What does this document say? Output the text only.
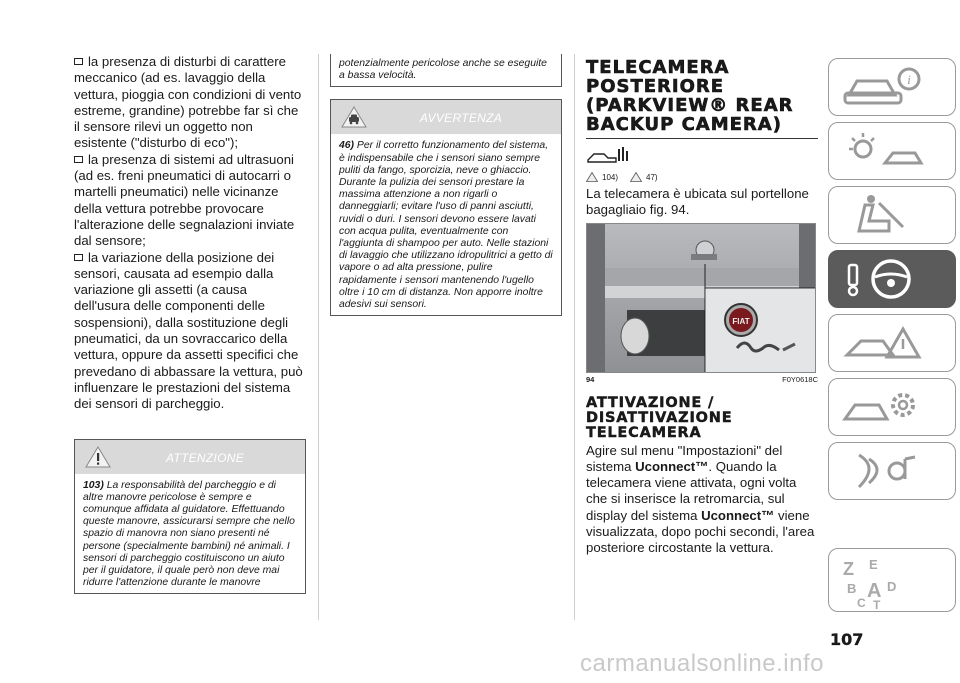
la presenza di disturbi di carattere meccanico (ad es. lavaggio della vettura, pioggia con condizioni di vento estreme, grandine) potrebbe far sì che il sensore rilevi un oggetto non esistente ("disturbo di eco");

la presenza di sistemi ad ultrasuoni (ad es. freni pneumatici di autocarri o martelli pneumatici) nelle vicinanze della vettura potrebbe provocare l'alterazione delle segnalazioni inviate dal sensore;

la variazione della posizione dei sensori, causata ad esempio dalla variazione gli assetti (a causa dell'usura delle componenti delle sospensioni), dalla sostituzione degli pneumatici, da un sovraccarico della vettura, oppure da assetti specifici che prevedano di abbassare la vettura, può influenzare le prestazioni del sistema dei sensori di parcheggio.

ATTENZIONE

103) La responsabilità del parcheggio e di altre manovre pericolose è sempre e comunque affidata al guidatore. Effettuando queste manovre, assicurarsi sempre che nello spazio di manovra non siano presenti né persone (specialmente bambini) né animali. I sensori di parcheggio costituiscono un aiuto per il guidatore, il quale però non deve mai ridurre l'attenzione durante le manovre

potenzialmente pericolose anche se eseguite a bassa velocità.

AVVERTENZA

46) Per il corretto funzionamento del sistema, è indispensabile che i sensori siano sempre puliti da fango, sporcizia, neve o ghiaccio. Durante la pulizia dei sensori prestare la massima attenzione a non rigarli o danneggiarli; evitare l'uso di panni asciutti, ruvidi o duri. I sensori devono essere lavati con acqua pulita, eventualmente con l'aggiunta di shampoo per auto. Nelle stazioni di lavaggio che utilizzano idropulitrici a getto di vapore o ad alta pressione, pulire rapidamente i sensori mantenendo l'ugello oltre i 10 cm di distanza. Non apporre inoltre adesivi sui sensori.

TELECAMERA POSTERIORE (PARKVIEW® REAR BACKUP CAMERA)
104)	47)

La telecamera è ubicata sul portellone bagagliaio fig. 94.

FIAT
94	F0Y0618C
ATTIVAZIONE / DISATTIVAZIONE TELECAMERA

Agire sul menu "Impostazioni" del sistema Uconnect™. Quando la telecamera viene attivata, ogni volta che si inserisce la retromarcia, sul display del sistema Uconnect™ viene visualizzata, dopo pochi secondi, l'area posteriore circostante la vettura.

i
Z E
B A D
C T
107
carmanualsonline.info
